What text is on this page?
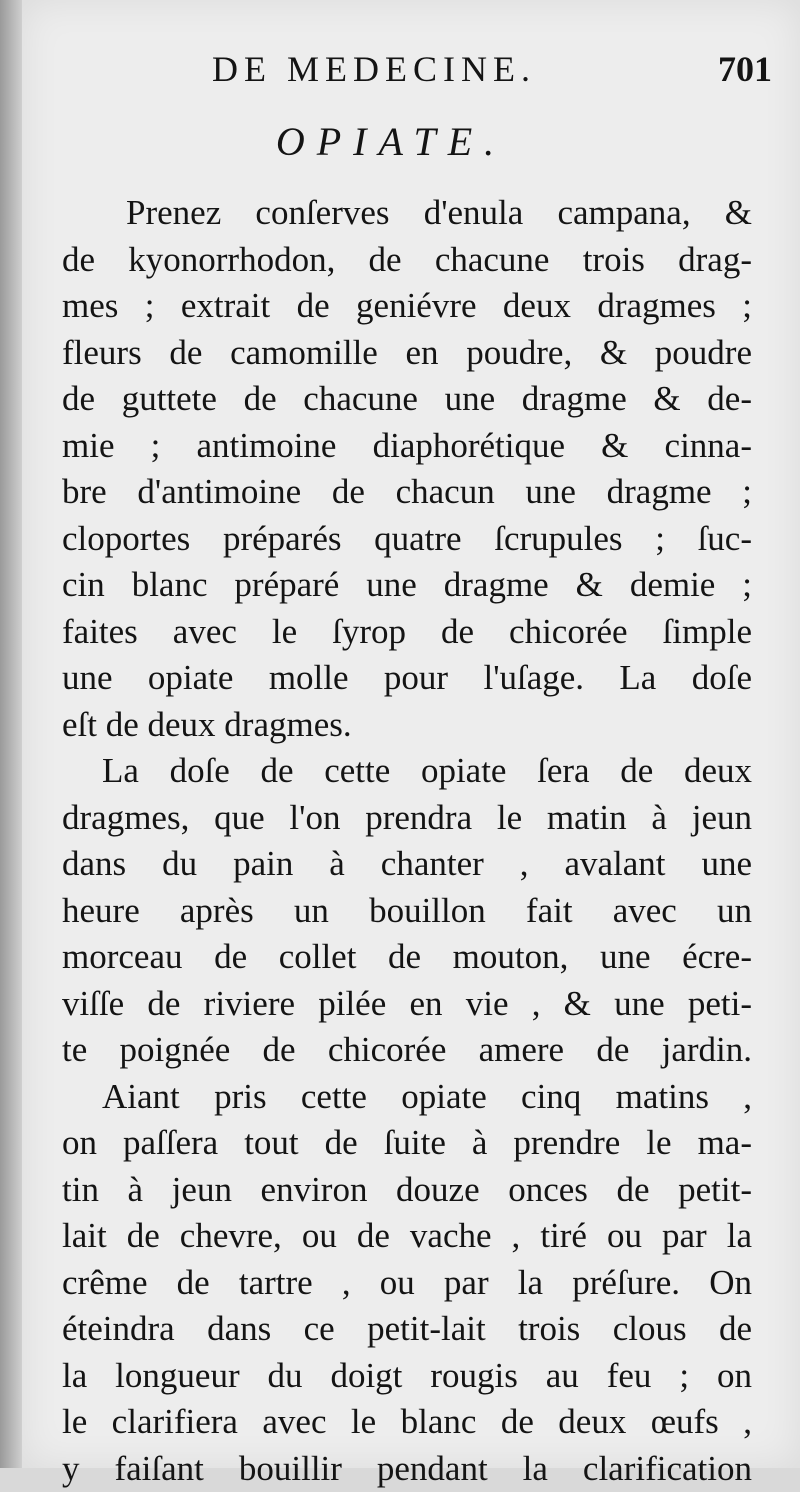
DE MEDECINE.	701
OPIATE.
Prenez conſerves d'enula campana, &
de kyonorrhodon, de chacune trois drag-
mes ; extrait de geniévre deux dragmes ;
fleurs de camomille en poudre, & poudre
de guttete de chacune une dragme & de-
mie ; antimoine diaphorétique & cinna-
bre d'antimoine de chacun une dragme ;
cloportes préparés quatre ſcrupules ; ſuc-
cin blanc préparé une dragme & demie ;
faites avec le ſyrop de chicorée ſimple
une opiate molle pour l'uſage. La doſe
eſt de deux dragmes.
La doſe de cette opiate ſera de deux
dragmes, que l'on prendra le matin à jeun
dans du pain à chanter , avalant une
heure après un bouillon fait avec un
morceau de collet de mouton, une écre-
viſſe de riviere pilée en vie , & une peti-
te poignée de chicorée amere de jardin.
Aiant pris cette opiate cinq matins ,
on paſſera tout de ſuite à prendre le ma-
tin à jeun environ douze onces de petit-
lait de chevre, ou de vache , tiré ou par la
crême de tartre , ou par la préſure. On
éteindra dans ce petit-lait trois clous de
la longueur du doigt rougis au feu ; on
le clarifiera avec le blanc de deux œufs ,
y faiſant bouillir pendant la clarification
